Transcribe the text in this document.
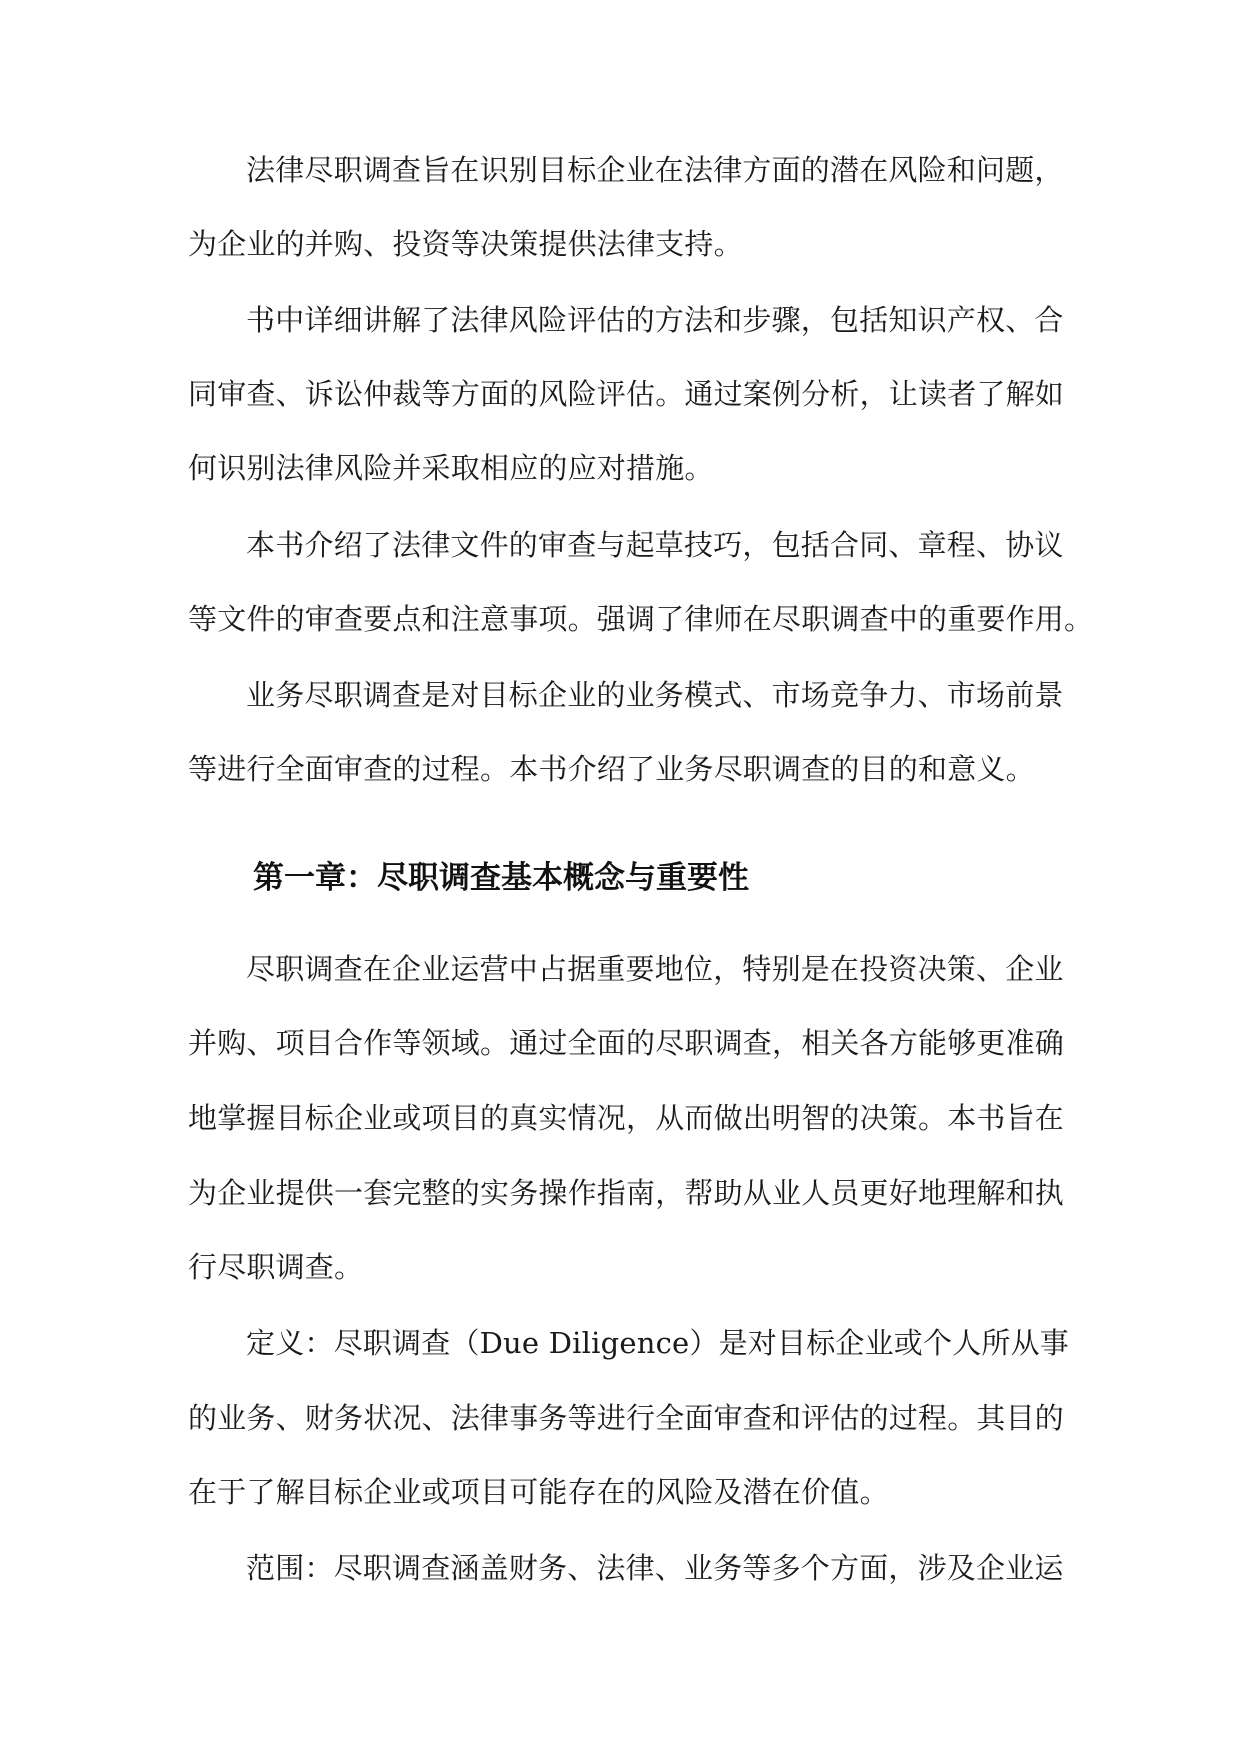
法律尽职调查旨在识别目标企业在法律方面的潜在风险和问题，
为企业的并购、投资等决策提供法律支持。
书中详细讲解了法律风险评估的方法和步骤，包括知识产权、合
同审查、诉讼仲裁等方面的风险评估。通过案例分析，让读者了解如
何识别法律风险并采取相应的应对措施。
本书介绍了法律文件的审查与起草技巧，包括合同、章程、协议
等文件的审查要点和注意事项。强调了律师在尽职调查中的重要作用。
业务尽职调查是对目标企业的业务模式、市场竞争力、市场前景
等进行全面审查的过程。本书介绍了业务尽职调查的目的和意义。
第一章：尽职调查基本概念与重要性
尽职调查在企业运营中占据重要地位，特别是在投资决策、企业
并购、项目合作等领域。通过全面的尽职调查，相关各方能够更准确
地掌握目标企业或项目的真实情况，从而做出明智的决策。本书旨在
为企业提供一套完整的实务操作指南，帮助从业人员更好地理解和执
行尽职调查。
定义：尽职调查（Due Diligence）是对目标企业或个人所从事
的业务、财务状况、法律事务等进行全面审查和评估的过程。其目的
在于了解目标企业或项目可能存在的风险及潜在价值。
范围：尽职调查涵盖财务、法律、业务等多个方面，涉及企业运
